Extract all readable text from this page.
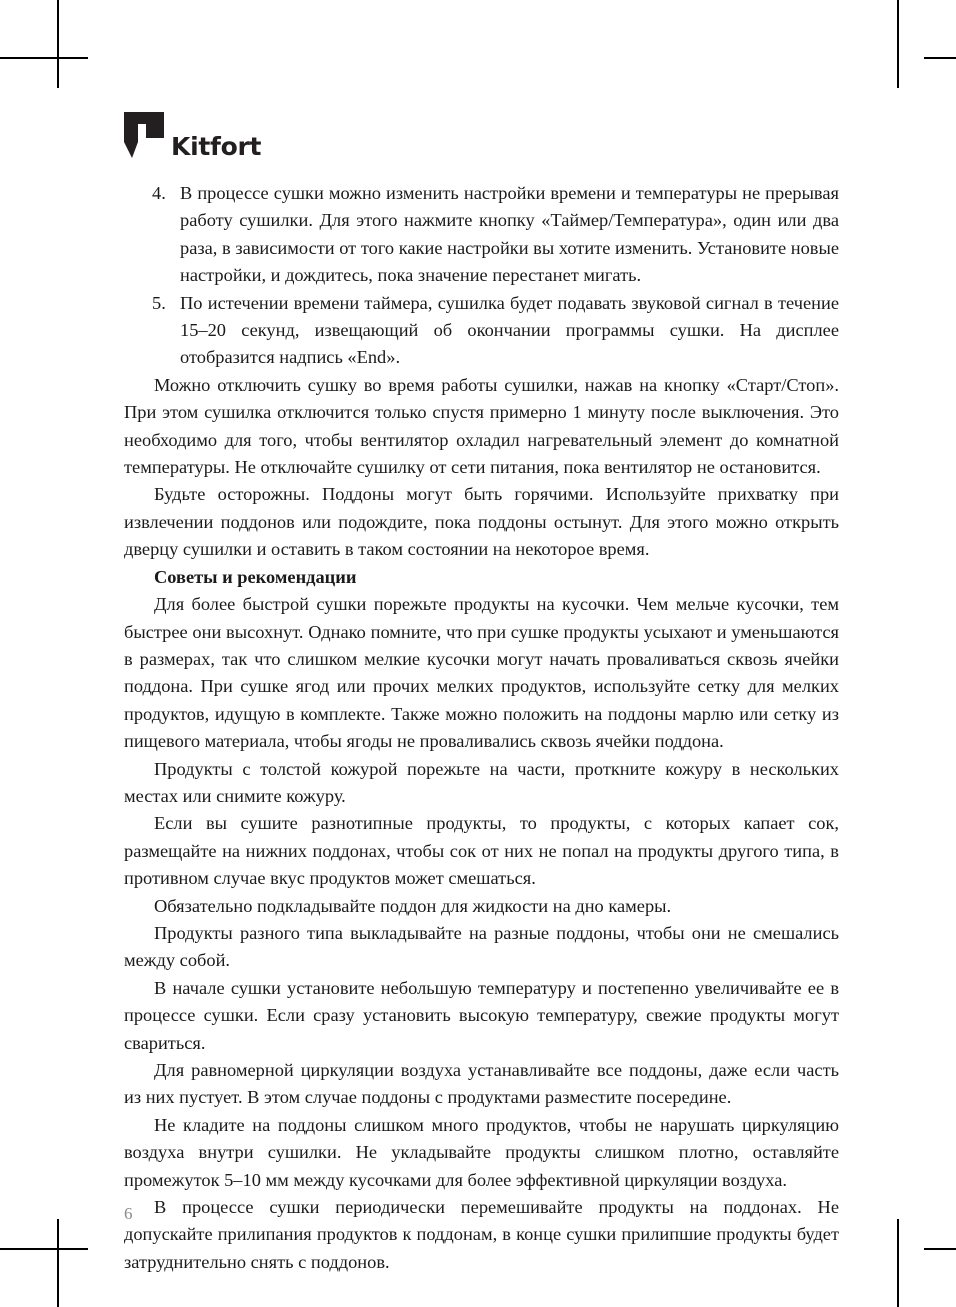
Kitfort
4. В процессе сушки можно изменить настройки времени и температуры не прерывая работу сушилки. Для этого нажмите кнопку «Таймер/Температура», один или два раза, в зависимости от того какие настройки вы хотите изменить. Установите новые настройки, и дождитесь, пока значение перестанет мигать.
5. По истечении времени таймера, сушилка будет подавать звуковой сигнал в течение 15–20 секунд, извещающий об окончании программы сушки. На дисплее отобразится надпись «End».

Можно отключить сушку во время работы сушилки, нажав на кнопку «Старт/Стоп». При этом сушилка отключится только спустя примерно 1 минуту после выключения. Это необходимо для того, чтобы вентилятор охладил нагревательный элемент до комнатной температуры. Не отключайте сушилку от сети питания, пока вентилятор не остановится.

Будьте осторожны. Поддоны могут быть горячими. Используйте прихватку при извлечении поддонов или подождите, пока поддоны остынут. Для этого можно открыть дверцу сушилки и оставить в таком состоянии на некоторое время.

Советы и рекомендации

Для более быстрой сушки порежьте продукты на кусочки. Чем мельче кусочки, тем быстрее они высохнут. Однако помните, что при сушке продукты усыхают и уменьшаются в размерах, так что слишком мелкие кусочки могут начать проваливаться сквозь ячейки поддона. При сушке ягод или прочих мелких продуктов, используйте сетку для мелких продуктов, идущую в комплекте. Также можно положить на поддоны марлю или сетку из пищевого материала, чтобы ягоды не проваливались сквозь ячейки поддона.

Продукты с толстой кожурой порежьте на части, проткните кожуру в нескольких местах или снимите кожуру.

Если вы сушите разнотипные продукты, то продукты, с которых капает сок, размещайте на нижних поддонах, чтобы сок от них не попал на продукты другого типа, в противном случае вкус продуктов может смешаться.

Обязательно подкладывайте поддон для жидкости на дно камеры.

Продукты разного типа выкладывайте на разные поддоны, чтобы они не смешались между собой.

В начале сушки установите небольшую температуру и постепенно увеличивайте ее в процессе сушки. Если сразу установить высокую температуру, свежие продукты могут свариться.

Для равномерной циркуляции воздуха устанавливайте все поддоны, даже если часть из них пустует. В этом случае поддоны с продуктами разместите посередине.

Не кладите на поддоны слишком много продуктов, чтобы не нарушать циркуляцию воздуха внутри сушилки. Не укладывайте продукты слишком плотно, оставляйте промежуток 5–10 мм между кусочками для более эффективной циркуляции воздуха.

В процессе сушки периодически перемешивайте продукты на поддонах. Не допускайте прилипания продуктов к поддонам, в конце сушки прилипшие продукты будет затруднительно снять с поддонов.

6
